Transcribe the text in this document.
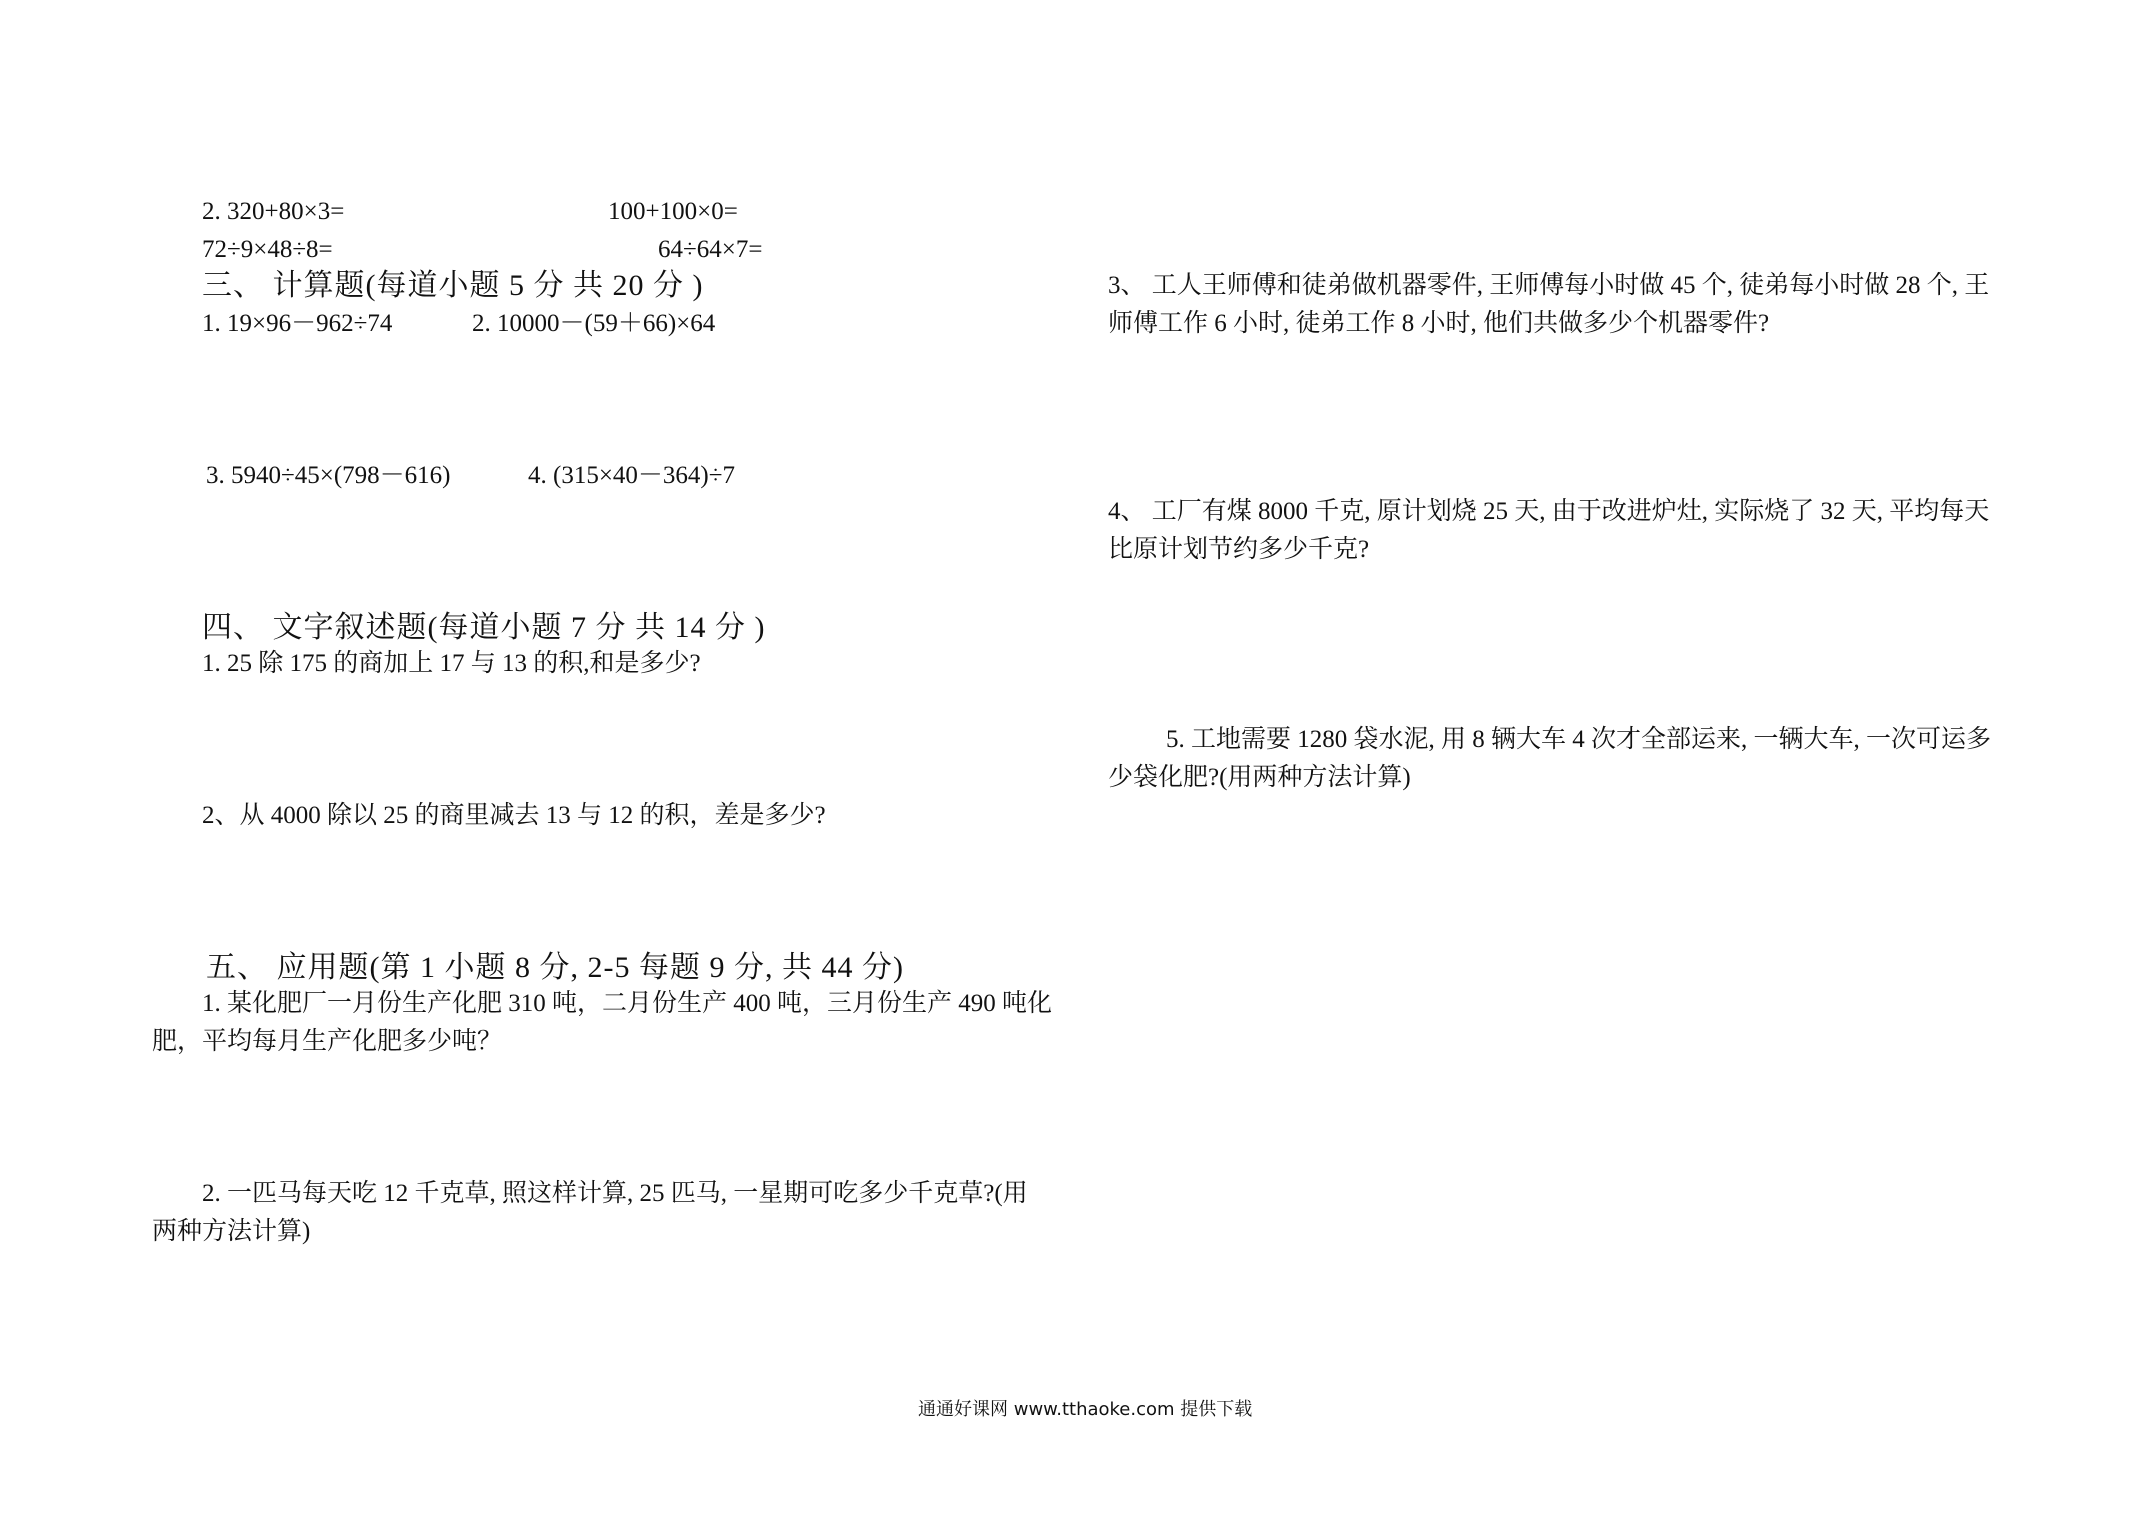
2. 320+80×3=	100+100×0=
72÷9×48÷8=	64÷64×7=
三、 计算题(每道小题 5 分 共 20 分 )
1. 19×96－962÷74	2. 10000－(59＋66)×64
3. 5940÷45×(798－616)	4. (315×40－364)÷7
四、 文字叙述题(每道小题 7 分 共 14 分 )
1. 25 除 175 的商加上 17 与 13 的积,和是多少?
2、从 4000 除以 25 的商里减去 13 与 12 的积，差是多少?
五、 应用题(第 1 小题 8 分, 2-5 每题 9 分, 共 44 分)
1. 某化肥厂一月份生产化肥 310 吨，二月份生产 400 吨，三月份生产 490 吨化
肥，平均每月生产化肥多少吨？
2. 一匹马每天吃 12 千克草, 照这样计算, 25 匹马, 一星期可吃多少千克草?(用
两种方法计算)
3、 工人王师傅和徒弟做机器零件, 王师傅每小时做 45 个, 徒弟每小时做 28 个, 王
师傅工作 6 小时, 徒弟工作 8 小时, 他们共做多少个机器零件?
4、 工厂有煤 8000 千克, 原计划烧 25 天, 由于改进炉灶, 实际烧了 32 天, 平均每天
比原计划节约多少千克?
5. 工地需要 1280 袋水泥, 用 8 辆大车 4 次才全部运来, 一辆大车, 一次可运多
少袋化肥?(用两种方法计算)
通通好课网 www.tthaoke.com 提供下载
